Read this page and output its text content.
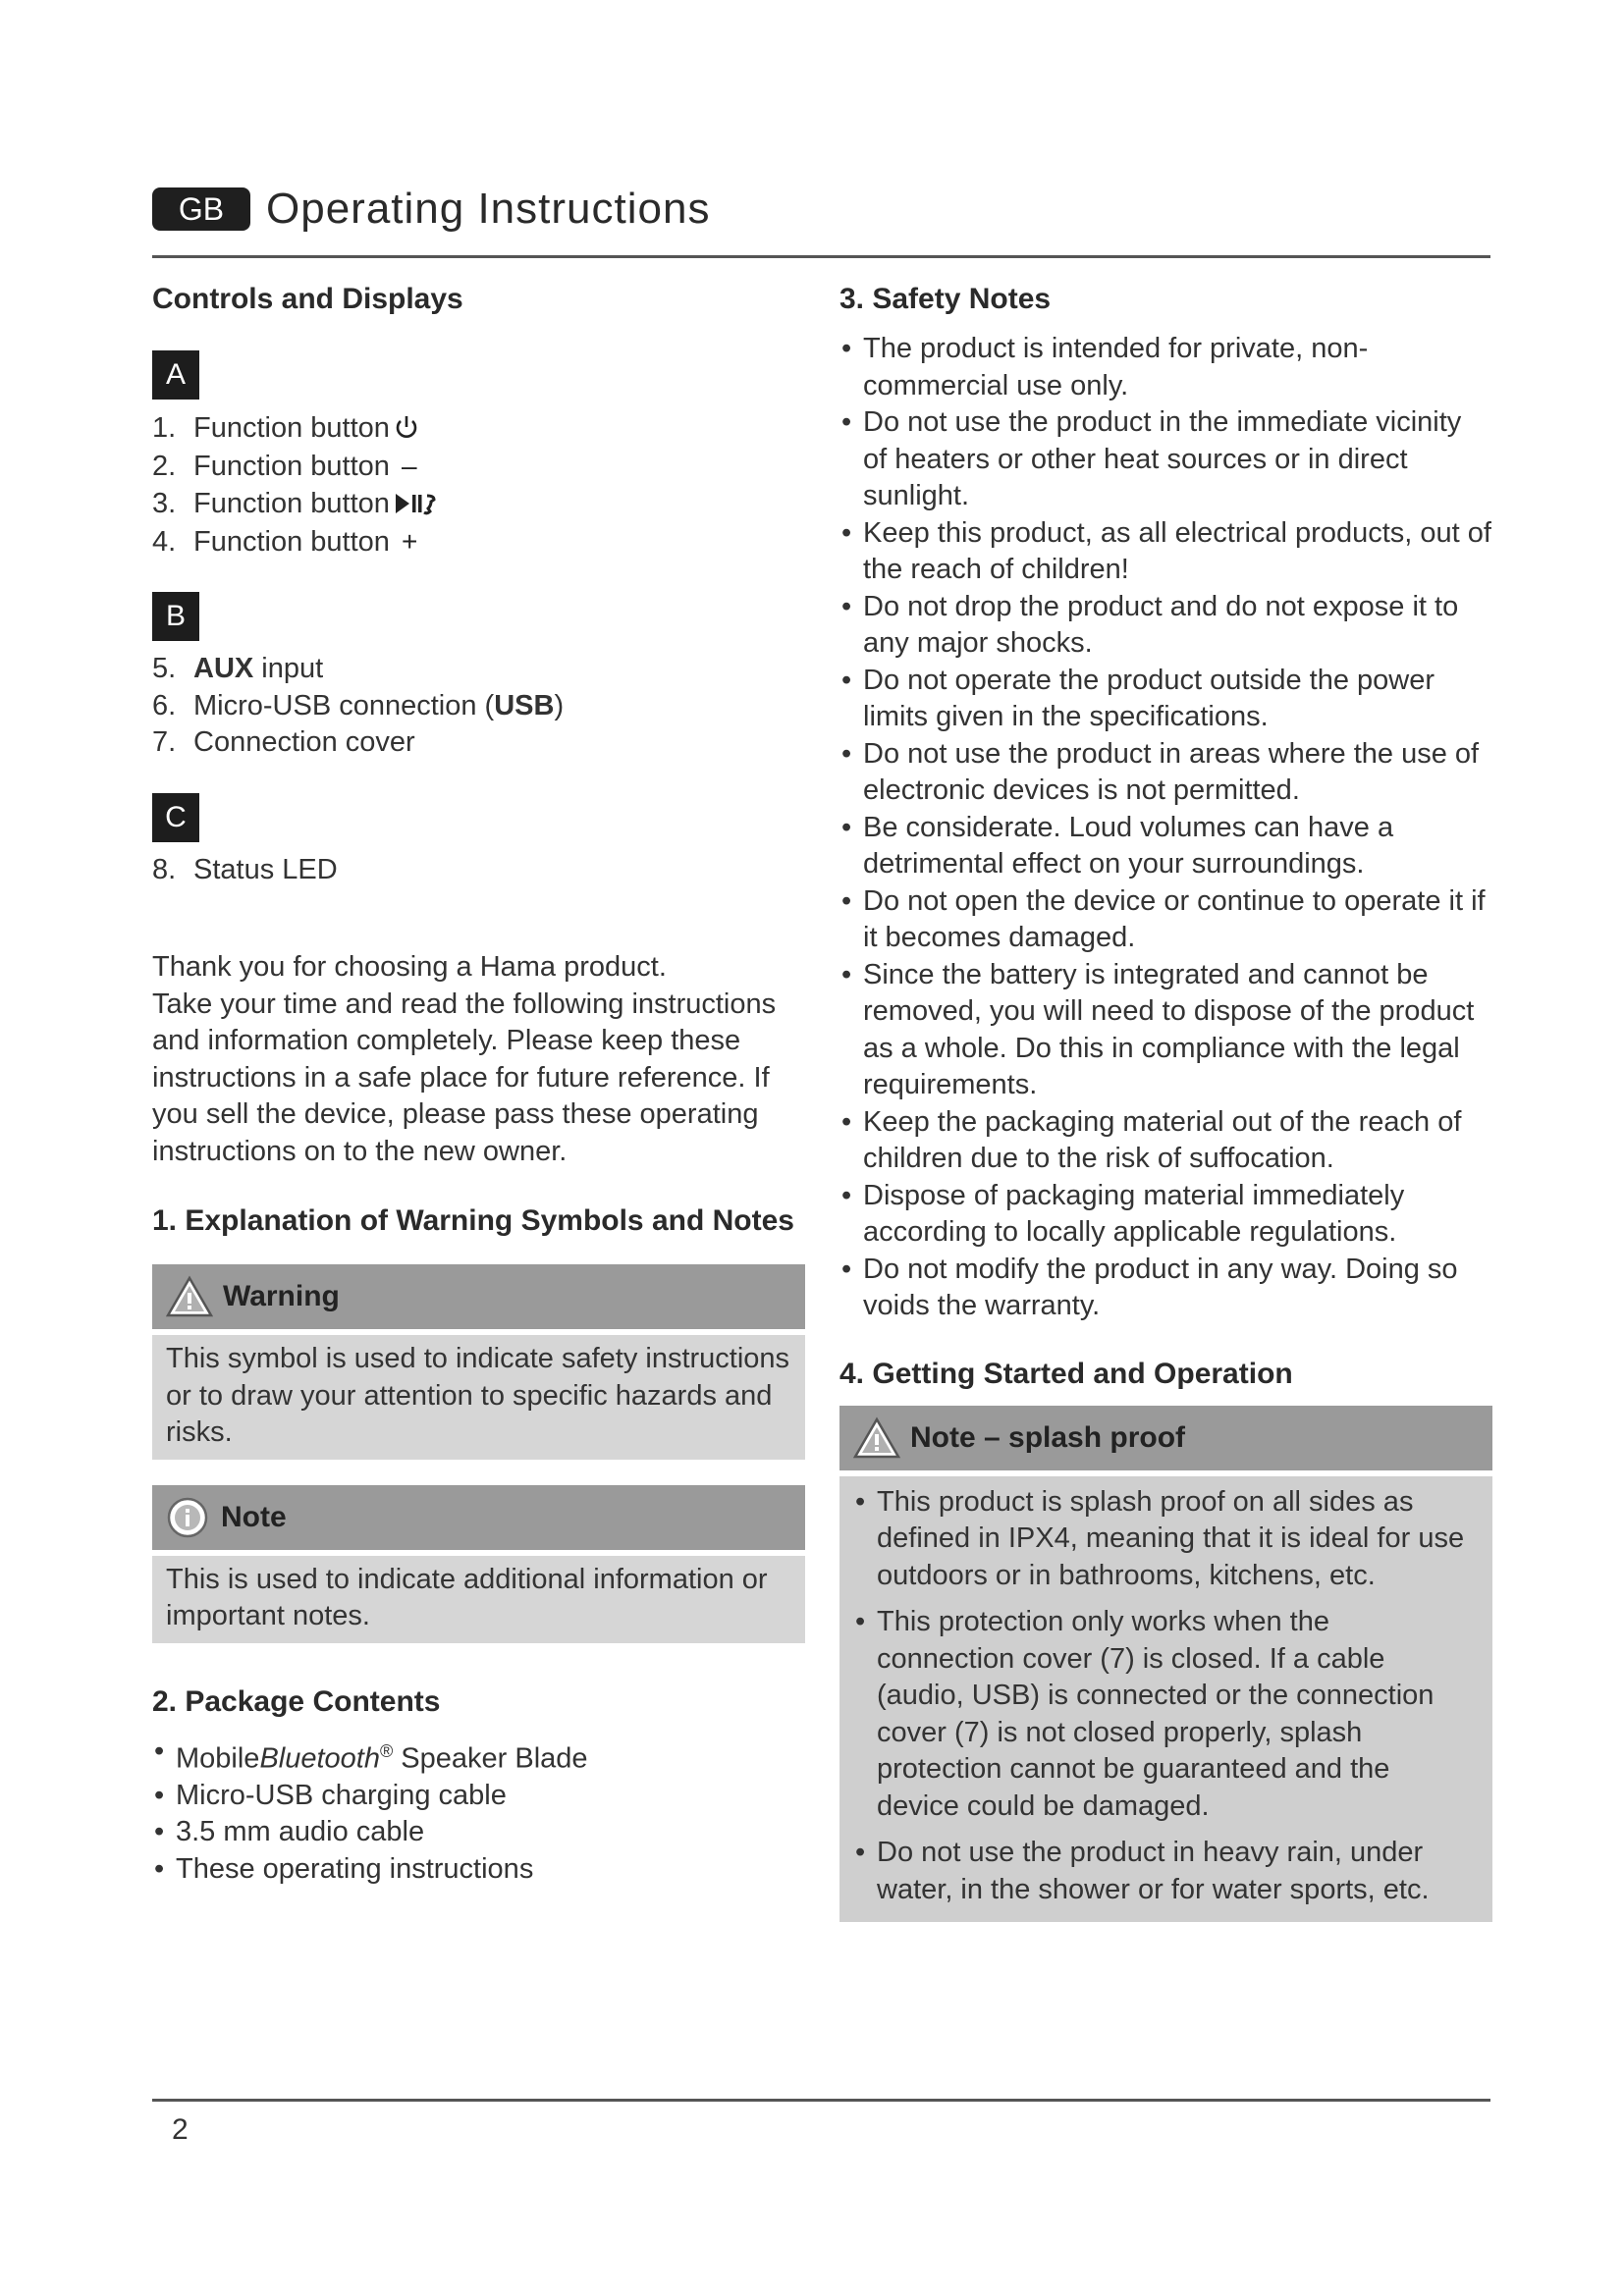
GB Operating Instructions
Controls and Displays
A
1. Function button
2. Function button –
3. Function button
4. Function button +
B
5. AUX input
6. Micro-USB connection (USB)
7. Connection cover
C
8. Status LED
Thank you for choosing a Hama product.
Take your time and read the following instructions and information completely. Please keep these instructions in a safe place for future reference. If you sell the device, please pass these operating instructions on to the new owner.
1. Explanation of Warning Symbols and Notes
Warning
This symbol is used to indicate safety instructions or to draw your attention to specific hazards and risks.
Note
This is used to indicate additional information or important notes.
2. Package Contents
• MobileBluetooth® Speaker Blade
• Micro-USB charging cable
• 3.5 mm audio cable
• These operating instructions
3. Safety Notes
• The product is intended for private, non-commercial use only.
• Do not use the product in the immediate vicinity of heaters or other heat sources or in direct sunlight.
• Keep this product, as all electrical products, out of the reach of children!
• Do not drop the product and do not expose it to any major shocks.
• Do not operate the product outside the power limits given in the specifications.
• Do not use the product in areas where the use of electronic devices is not permitted.
• Be considerate. Loud volumes can have a detrimental effect on your surroundings.
• Do not open the device or continue to operate it if it becomes damaged.
• Since the battery is integrated and cannot be removed, you will need to dispose of the product as a whole. Do this in compliance with the legal requirements.
• Keep the packaging material out of the reach of children due to the risk of suffocation.
• Dispose of packaging material immediately according to locally applicable regulations.
• Do not modify the product in any way. Doing so voids the warranty.
4. Getting Started and Operation
Note – splash proof
• This product is splash proof on all sides as defined in IPX4, meaning that it is ideal for use outdoors or in bathrooms, kitchens, etc.
• This protection only works when the connection cover (7) is closed. If a cable (audio, USB) is connected or the connection cover (7) is not closed properly, splash protection cannot be guaranteed and the device could be damaged.
• Do not use the product in heavy rain, under water, in the shower or for water sports, etc.
2
